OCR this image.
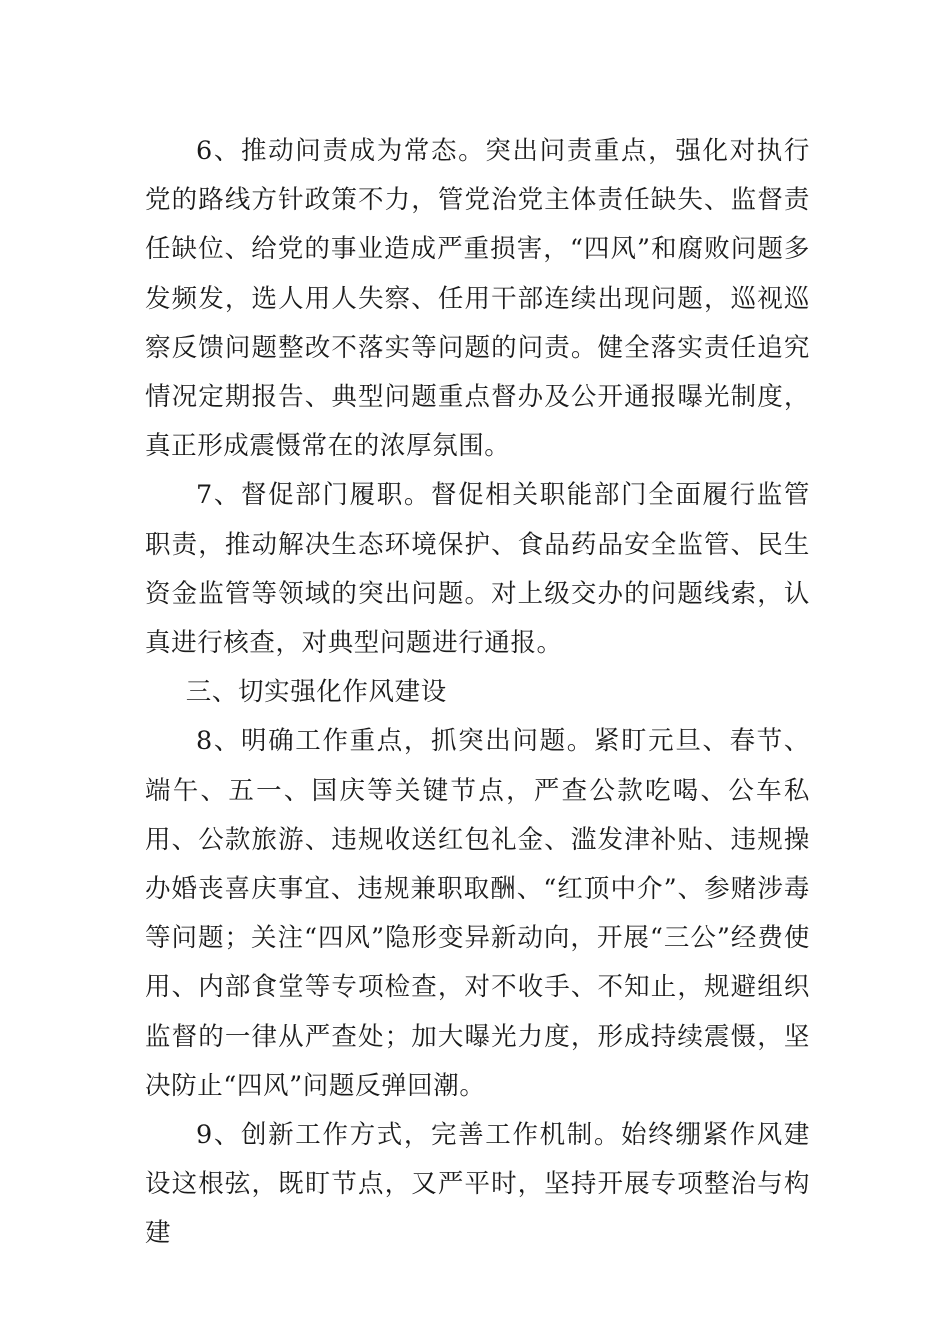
6、推动问责成为常态。突出问责重点，强化对执行党的路线方针政策不力，管党治党主体责任缺失、监督责任缺位、给党的事业造成严重损害，“四风”和腐败问题多发频发，选人用人失察、任用干部连续出现问题，巡视巡察反馈问题整改不落实等问题的问责。健全落实责任追究情况定期报告、典型问题重点督办及公开通报曝光制度，真正形成震慑常在的浓厚氛围。

7、督促部门履职。督促相关职能部门全面履行监管职责，推动解决生态环境保护、食品药品安全监管、民生资金监管等领域的突出问题。对上级交办的问题线索，认真进行核查，对典型问题进行通报。

三、切实强化作风建设

8、明确工作重点，抓突出问题。紧盯元旦、春节、端午、五一、国庆等关键节点，严查公款吃喝、公车私用、公款旅游、违规收送红包礼金、滥发津补贴、违规操办婚丧喜庆事宜、违规兼职取酬、“红顶中介”、参赌涉毒等问题；关注“四风”隐形变异新动向，开展“三公”经费使用、内部食堂等专项检查，对不收手、不知止，规避组织监督的一律从严查处；加大曝光力度，形成持续震慑，坚决防止“四风”问题反弹回潮。

9、创新工作方式，完善工作机制。始终绷紧作风建设这根弦，既盯节点，又严平时，坚持开展专项整治与构建
